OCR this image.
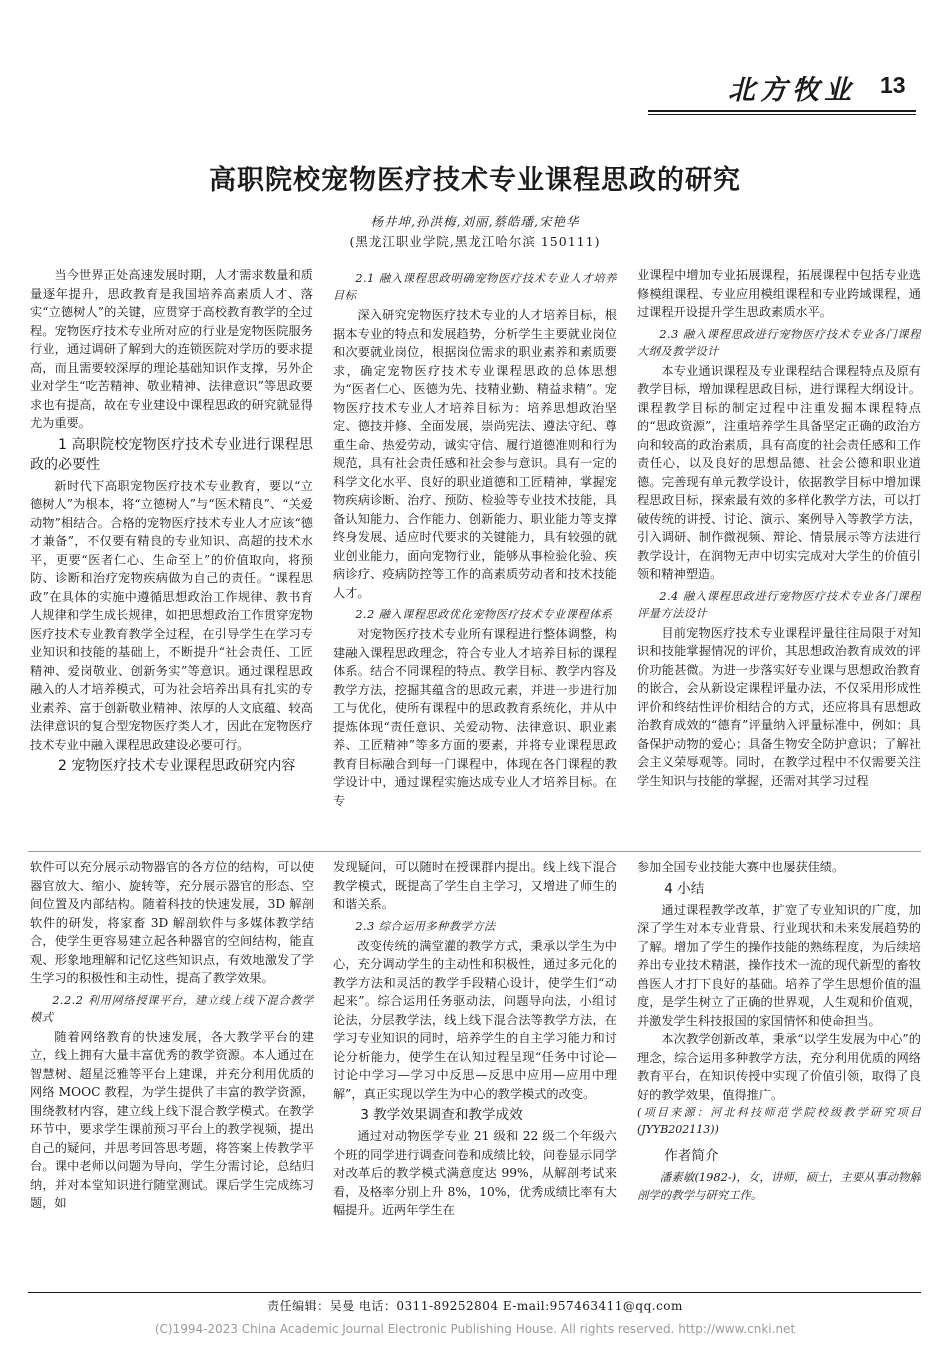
北方牧业 13
高职院校宠物医疗技术专业课程思政的研究
杨井坤,孙洪梅,刘丽,蔡皓璠,宋艳华
(黑龙江职业学院,黑龙江哈尔滨 150111)

当今世界正处高速发展时期，人才需求数量和质量逐年提升，思政教育是我国培养高素质人才、落实“立德树人”的关键，应贯穿于高校教育教学的全过程。宠物医疗技术专业所对应的行业是宠物医院服务行业，通过调研了解到大的连锁医院对学历的要求提高，而且需要较深厚的理论基础知识作支撑，另外企业对学生“吃苦精神、敬业精神、法律意识”等思政要求也有提高，故在专业建设中课程思政的研究就显得尤为重要。

1 高职院校宠物医疗技术专业进行课程思政的必要性

新时代下高职宠物医疗技术专业教育，要以“立德树人”为根本，将“立德树人”与“医术精良”、“关爱动物”相结合。合格的宠物医疗技术专业人才应该“德才兼备”，不仅要有精良的专业知识、高超的技术水平，更要“医者仁心、生命至上”的价值取向，将预防、诊断和治疗宠物疾病做为自己的责任。“课程思政”在具体的实施中遵循思想政治工作规律、教书育人规律和学生成长规律，如把思想政治工作贯穿宠物医疗技术专业教育教学全过程，在引导学生在学习专业知识和技能的基础上，不断提升“社会责任、工匠精神、爱岗敬业、创新务实”等意识。通过课程思政融入的人才培养模式，可为社会培养出具有扎实的专业素养、富于创新敬业精神、浓厚的人文底蕴、较高法律意识的复合型宠物医疗类人才，因此在宠物医疗技术专业中融入课程思政建设必要可行。

2 宠物医疗技术专业课程思政研究内容
2.1 融入课程思政明确宠物医疗技术专业人才培养目标

深入研究宠物医疗技术专业的人才培养目标，根据本专业的特点和发展趋势，分析学生主要就业岗位和次要就业岗位，根据岗位需求的职业素养和素质要求，确定宠物医疗技术专业课程思政的总体思想为“医者仁心、医德为先、技精业勤、精益求精”。宠物医疗技术专业人才培养目标为：培养思想政治坚定、德技并修、全面发展，崇尚宪法、遵法守纪、尊重生命、热爱劳动，诚实守信、履行道德准则和行为规范，具有社会责任感和社会参与意识。具有一定的科学文化水平、良好的职业道德和工匠精神，掌握宠物疾病诊断、治疗、预防、检验等专业技术技能，具备认知能力、合作能力、创新能力、职业能力等支撑终身发展、适应时代要求的关键能力，具有较强的就业创业能力，面向宠物行业，能够从事检验化验、疾病诊疗、疫病防控等工作的高素质劳动者和技术技能人才。

2.2 融入课程思政优化宠物医疗技术专业课程体系

对宠物医疗技术专业所有课程进行整体调整，构建融入课程思政理念，符合专业人才培养目标的课程体系。结合不同课程的特点、教学目标、教学内容及教学方法，挖掘其蕴含的思政元素，并进一步进行加工与优化，使所有课程中的思政教育系统化，并从中提炼体现“责任意识、关爱动物、法律意识、职业素养、工匠精神”等多方面的要素，并将专业课程思政教育目标融合到每一门课程中，体现在各门课程的教学设计中，通过课程实施达成专业人才培养目标。在专

业课程中增加专业拓展课程，拓展课程中包括专业选修模组课程、专业应用模组课程和专业跨域课程，通过课程开设提升学生思政素质水平。

2.3 融入课程思政进行宠物医疗技术专业各门课程大纲及教学设计

本专业通识课程及专业课程结合课程特点及原有教学目标，增加课程思政目标，进行课程大纲设计。课程教学目标的制定过程中注重发掘本课程特点的“思政资源”，注重培养学生具备坚定正确的政治方向和较高的政治素质，具有高度的社会责任感和工作责任心，以及良好的思想品德、社会公德和职业道德。完善现有单元教学设计，依据教学目标中增加课程思政目标，探索最有效的多样化教学方法，可以打破传统的讲授、讨论、演示、案例导入等教学方法，引入调研、制作微视频、辩论、情景展示等方法进行教学设计，在润物无声中切实完成对大学生的价值引领和精神塑造。

2.4 融入课程思政进行宠物医疗技术专业各门课程评量方法设计

目前宠物医疗技术专业课程评量往往局限于对知识和技能掌握情况的评价，其思想政治教育成效的评价功能甚微。为进一步落实好专业课与思想政治教育的嵌合，会从新设定课程评量办法，不仅采用形成性评价和终结性评价相结合的方式，还应将具有思想政治教育成效的“德育”评量纳入评量标准中，例如：具备保护动物的爱心；具备生物安全防护意识；了解社会主义荣辱观等。同时，在教学过程中不仅需要关注学生知识与技能的掌握，还需对其学习过程

软件可以充分展示动物器官的各方位的结构，可以使器官放大、缩小、旋转等，充分展示器官的形态、空间位置及内部结构。随着科技的快速发展，3D 解剖软件的研发，将家畜 3D 解剖软件与多媒体教学结合，使学生更容易建立起各种器官的空间结构，能直观、形象地理解和记忆这些知识点，有效地激发了学生学习的积极性和主动性，提高了教学效果。

2.2.2 利用网络授课平台，建立线上线下混合教学模式

随着网络教育的快速发展，各大教学平台的建立，线上拥有大量丰富优秀的教学资源。本人通过在智慧树、超星泛雅等平台上建课，并充分利用优质的网络 MOOC 教程，为学生提供了丰富的教学资源，围绕教材内容，建立线上线下混合教学模式。在教学环节中，要求学生课前预习平台上的教学视频，提出自己的疑问，并思考回答思考题，将答案上传教学平台。课中老师以问题为导向，学生分需讨论，总结归纳，并对本堂知识进行随堂测试。课后学生完成练习题，如

发现疑问，可以随时在授课群内提出。线上线下混合教学模式，既提高了学生自主学习，又增进了师生的和谐关系。

2.3 综合运用多种教学方法

改变传统的满堂灌的教学方式，秉承以学生为中心，充分调动学生的主动性和积极性，通过多元化的教学方法和灵活的教学手段精心设计，使学生们“动起来”。综合运用任务驱动法，问题导向法，小组讨论法，分层教学法，线上线下混合法等教学方法，在学习专业知识的同时，培养学生的自主学习能力和讨论分析能力，使学生在认知过程呈现“任务中讨论—讨论中学习—学习中反思—反思中应用—应用中理解”，真正实现以学生为中心的教学模式的改变。

3 教学效果调查和教学成效

通过对动物医学专业 21 级和 22 级二个年级六个班的同学进行调查问卷和成绩比较，问卷显示同学对改革后的教学模式满意度达 99%，从解剖考试来看，及格率分别上升 8%，10%，优秀成绩比率有大幅提升。近两年学生在

参加全国专业技能大赛中也屡获佳绩。

4 小结

通过课程教学改革，扩宽了专业知识的广度，加深了学生对本专业背景、行业现状和未来发展趋势的了解。增加了学生的操作技能的熟练程度，为后续培养出专业技术精湛，操作技术一流的现代新型的畜牧兽医人才打下良好的基础。培养了学生思想价值的温度，是学生树立了正确的世界观，人生观和价值观，并激发学生科技报国的家国情怀和使命担当。

本次教学创新改革，秉承“以学生发展为中心”的理念，综合运用多种教学方法，充分利用优质的网络教育平台，在知识传授中实现了价值引领，取得了良好的教学效果，值得推广。

(项目来源：河北科技师范学院校级教学研究项目(JYYB202113))

作者简介

潘素敏(1982-)，女，讲师，硕士，主要从事动物解剖学的教学与研究工作。

责任编辑：吴曼 电话：0311-89252804 E-mail:957463411@qq.com
(C)1994-2023 China Academic Journal Electronic Publishing House. All rights reserved. http://www.cnki.net
